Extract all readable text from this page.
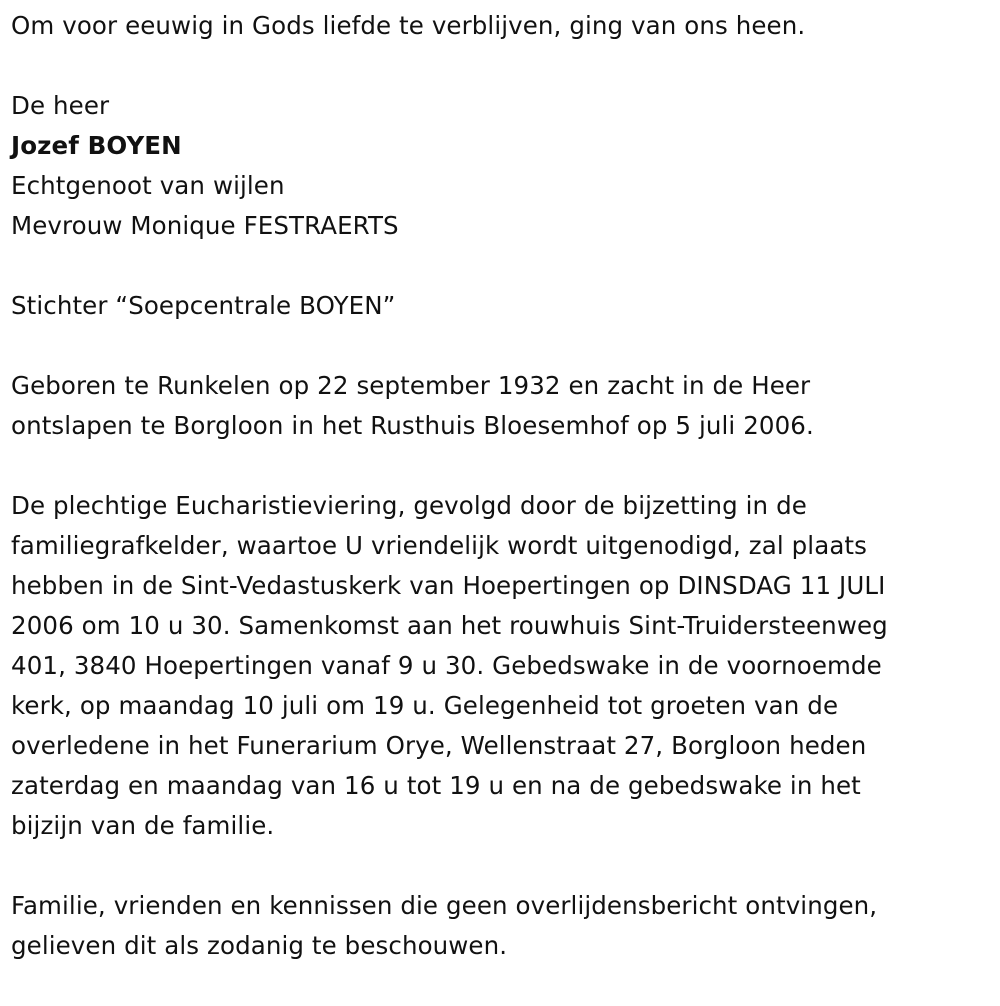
Om voor eeuwig in Gods liefde te verblijven, ging van ons heen.
De heer
Jozef BOYEN
Echtgenoot van wijlen
Mevrouw Monique FESTRAERTS
Stichter “Soepcentrale BOYEN”
Geboren te Runkelen op 22 september 1932 en zacht in de Heer
ontslapen te Borgloon in het Rusthuis Bloesemhof op 5 juli 2006.
De plechtige Eucharistieviering, gevolgd door de bijzetting in de
familiegrafkelder, waartoe U vriendelijk wordt uitgenodigd, zal plaats
hebben in de Sint-Vedastuskerk van Hoepertingen op DINSDAG 11 JULI
2006 om 10 u 30. Samenkomst aan het rouwhuis Sint-Truidersteenweg
401, 3840 Hoepertingen vanaf 9 u 30. Gebedswake in de voornoemde
kerk, op maandag 10 juli om 19 u. Gelegenheid tot groeten van de
overledene in het Funerarium Orye, Wellenstraat 27, Borgloon heden
zaterdag en maandag van 16 u tot 19 u en na de gebedswake in het
bijzijn van de familie.
Familie, vrienden en kennissen die geen overlijdensbericht ontvingen,
gelieven dit als zodanig te beschouwen.
